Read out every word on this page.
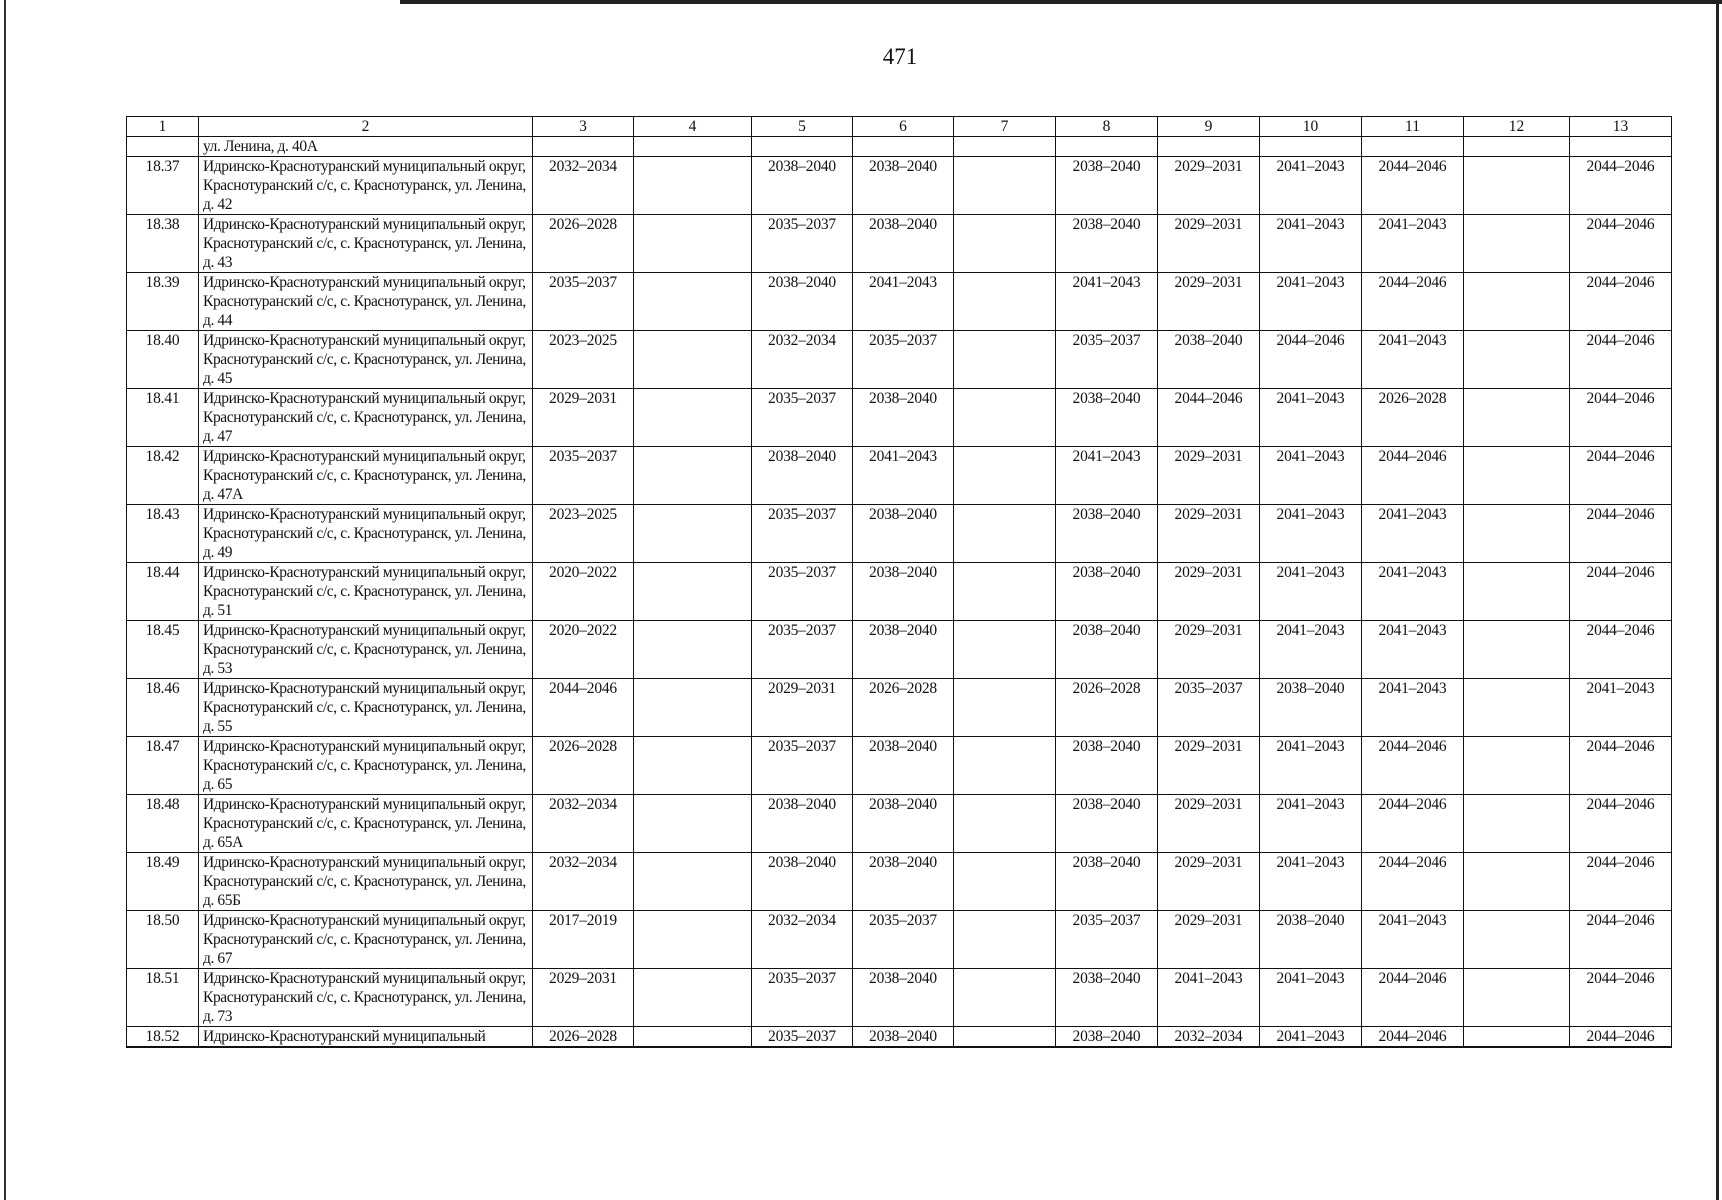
471
1	2	3	4	5	6	7	8	9	10	11	12	13
	ул. Ленина, д. 40А											
18.37	Идринско-Краснотуранский муниципальный округ, Краснотуранский с/с, с. Краснотуранск, ул. Ленина, д. 42	2032–2034		2038–2040	2038–2040		2038–2040	2029–2031	2041–2043	2044–2046		2044–2046
18.38	Идринско-Краснотуранский муниципальный округ, Краснотуранский с/с, с. Краснотуранск, ул. Ленина, д. 43	2026–2028		2035–2037	2038–2040		2038–2040	2029–2031	2041–2043	2041–2043		2044–2046
18.39	Идринско-Краснотуранский муниципальный округ, Краснотуранский с/с, с. Краснотуранск, ул. Ленина, д. 44	2035–2037		2038–2040	2041–2043		2041–2043	2029–2031	2041–2043	2044–2046		2044–2046
18.40	Идринско-Краснотуранский муниципальный округ, Краснотуранский с/с, с. Краснотуранск, ул. Ленина, д. 45	2023–2025		2032–2034	2035–2037		2035–2037	2038–2040	2044–2046	2041–2043		2044–2046
18.41	Идринско-Краснотуранский муниципальный округ, Краснотуранский с/с, с. Краснотуранск, ул. Ленина, д. 47	2029–2031		2035–2037	2038–2040		2038–2040	2044–2046	2041–2043	2026–2028		2044–2046
18.42	Идринско-Краснотуранский муниципальный округ, Краснотуранский с/с, с. Краснотуранск, ул. Ленина, д. 47А	2035–2037		2038–2040	2041–2043		2041–2043	2029–2031	2041–2043	2044–2046		2044–2046
18.43	Идринско-Краснотуранский муниципальный округ, Краснотуранский с/с, с. Краснотуранск, ул. Ленина, д. 49	2023–2025		2035–2037	2038–2040		2038–2040	2029–2031	2041–2043	2041–2043		2044–2046
18.44	Идринско-Краснотуранский муниципальный округ, Краснотуранский с/с, с. Краснотуранск, ул. Ленина, д. 51	2020–2022		2035–2037	2038–2040		2038–2040	2029–2031	2041–2043	2041–2043		2044–2046
18.45	Идринско-Краснотуранский муниципальный округ, Краснотуранский с/с, с. Краснотуранск, ул. Ленина, д. 53	2020–2022		2035–2037	2038–2040		2038–2040	2029–2031	2041–2043	2041–2043		2044–2046
18.46	Идринско-Краснотуранский муниципальный округ, Краснотуранский с/с, с. Краснотуранск, ул. Ленина, д. 55	2044–2046		2029–2031	2026–2028		2026–2028	2035–2037	2038–2040	2041–2043		2041–2043
18.47	Идринско-Краснотуранский муниципальный округ, Краснотуранский с/с, с. Краснотуранск, ул. Ленина, д. 65	2026–2028		2035–2037	2038–2040		2038–2040	2029–2031	2041–2043	2044–2046		2044–2046
18.48	Идринско-Краснотуранский муниципальный округ, Краснотуранский с/с, с. Краснотуранск, ул. Ленина, д. 65А	2032–2034		2038–2040	2038–2040		2038–2040	2029–2031	2041–2043	2044–2046		2044–2046
18.49	Идринско-Краснотуранский муниципальный округ, Краснотуранский с/с, с. Краснотуранск, ул. Ленина, д. 65Б	2032–2034		2038–2040	2038–2040		2038–2040	2029–2031	2041–2043	2044–2046		2044–2046
18.50	Идринско-Краснотуранский муниципальный округ, Краснотуранский с/с, с. Краснотуранск, ул. Ленина, д. 67	2017–2019		2032–2034	2035–2037		2035–2037	2029–2031	2038–2040	2041–2043		2044–2046
18.51	Идринско-Краснотуранский муниципальный округ, Краснотуранский с/с, с. Краснотуранск, ул. Ленина, д. 73	2029–2031		2035–2037	2038–2040		2038–2040	2041–2043	2041–2043	2044–2046		2044–2046
18.52	Идринско-Краснотуранский муниципальный	2026–2028		2035–2037	2038–2040		2038–2040	2032–2034	2041–2043	2044–2046		2044–2046
